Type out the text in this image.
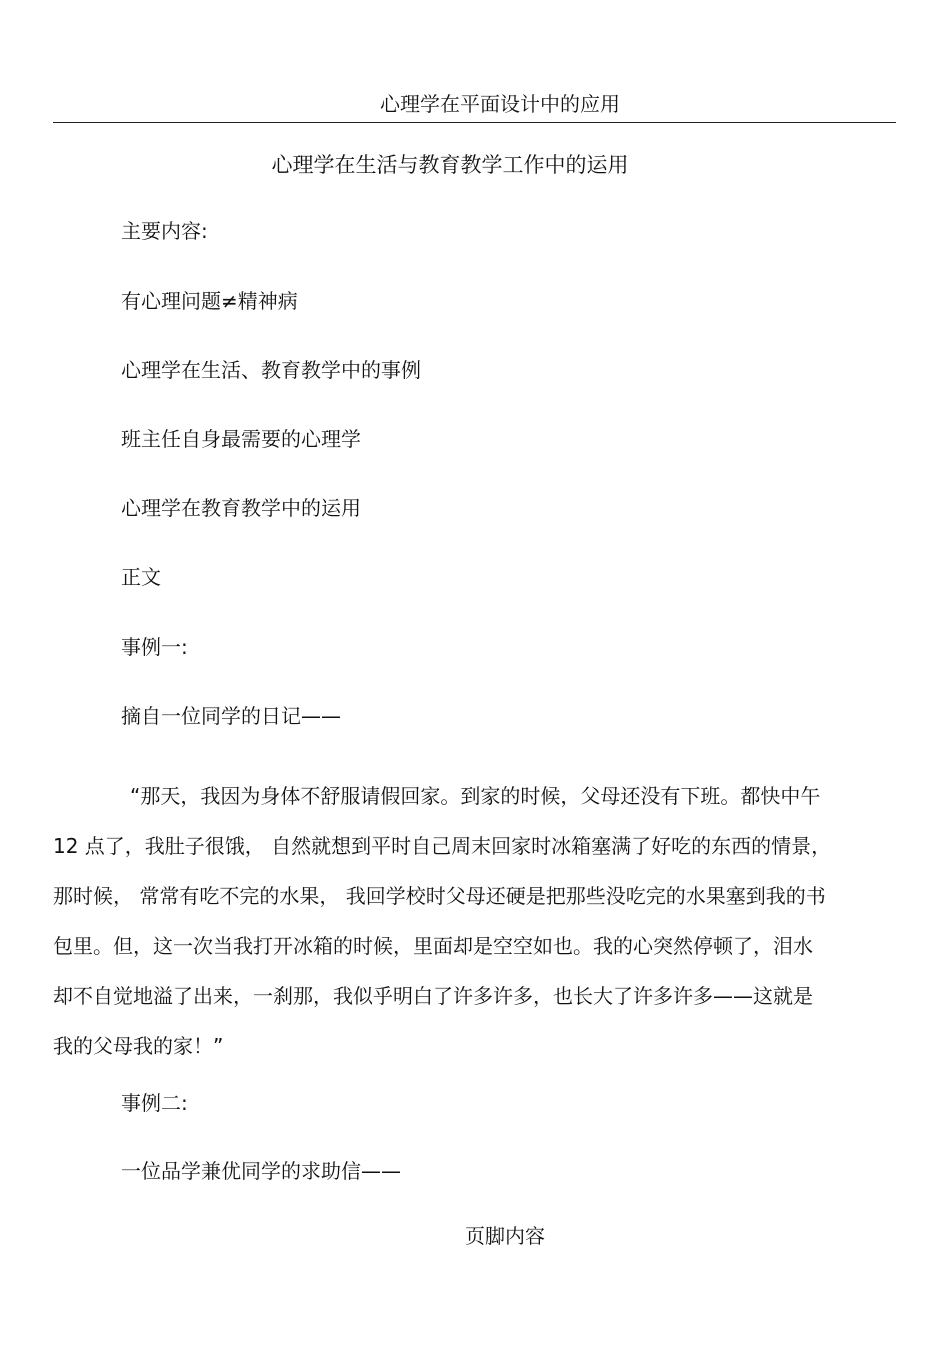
心理学在平面设计中的应用
心理学在生活与教育教学工作中的运用
主要内容:
有心理问题≠精神病
心理学在生活、教育教学中的事例
班主任自身最需要的心理学
心理学在教育教学中的运用
正文
事例一:
摘自一位同学的日记——

“那天，我因为身体不舒服请假回家。到家的时候，父母还没有下班。都快中午

12 点了，我肚子很饿， 自然就想到平时自己周末回家时冰箱塞满了好吃的东西的情景，

那时候， 常常有吃不完的水果， 我回学校时父母还硬是把那些没吃完的水果塞到我的书

包里。但，这一次当我打开冰箱的时候，里面却是空空如也。我的心突然停顿了，泪水

却不自觉地溢了出来，一刹那，我似乎明白了许多许多，也长大了许多许多——这就是

我的父母我的家！”

事例二:
一位品学兼优同学的求助信——
页脚内容
